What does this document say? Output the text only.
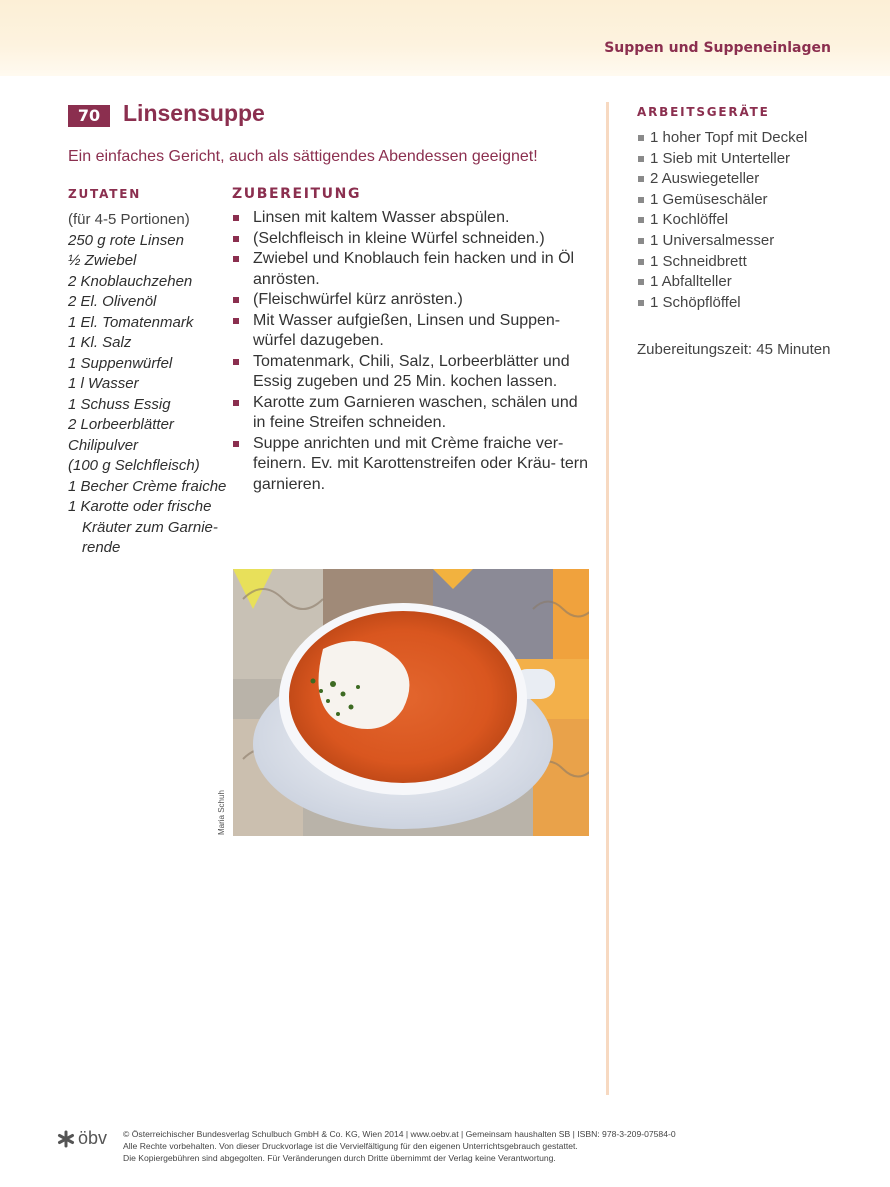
Suppen und Suppeneinlagen
70 Linsensuppe
Ein einfaches Gericht, auch als sättigendes Abendessen geeignet!
ZUTATEN
(für 4-5 Portionen)
250 g rote Linsen
½ Zwiebel
2 Knoblauchzehen
2 El. Olivenöl
1 El. Tomatenmark
1 Kl. Salz
1 Suppenwürfel
1 l Wasser
1 Schuss Essig
2 Lorbeerblätter
Chilipulver
(100 g Selchfleisch)
1 Becher Crème fraiche
1 Karotte oder frische
Kräuter zum Garnie-
rende
ZUBEREITUNG
Linsen mit kaltem Wasser abspülen.
(Selchfleisch in kleine Würfel schneiden.)
Zwiebel und Knoblauch fein hacken und in Öl anrösten.
(Fleischwürfel kürz anrösten.)
Mit Wasser aufgießen, Linsen und Suppen- würfel dazugeben.
Tomatenmark, Chili, Salz, Lorbeerblätter und Essig zugeben und 25 Min. kochen lassen.
Karotte zum Garnieren waschen, schälen und in feine Streifen schneiden.
Suppe anrichten und mit Crème fraiche ver- feinern. Ev. mit Karottenstreifen oder Kräu- tern garnieren.
ARBEITSGERÄTE
1 hoher Topf mit Deckel
1 Sieb mit Unterteller
2 Auswiegeteller
1 Gemüseschäler
1 Kochlöffel
1 Universalmesser
1 Schneidbrett
1 Abfallteller
1 Schöpflöffel
Zubereitungszeit: 45 Minuten
Maria Schuh
öbv © Österreichischer Bundesverlag Schulbuch GmbH & Co. KG, Wien 2014 | www.oebv.at | Gemeinsam haushalten SB | ISBN: 978-3-209-07584-0
Alle Rechte vorbehalten. Von dieser Druckvorlage ist die Vervielfältigung für den eigenen Unterrichtsgebrauch gestattet.
Die Kopiergebühren sind abgegolten. Für Veränderungen durch Dritte übernimmt der Verlag keine Verantwortung.
